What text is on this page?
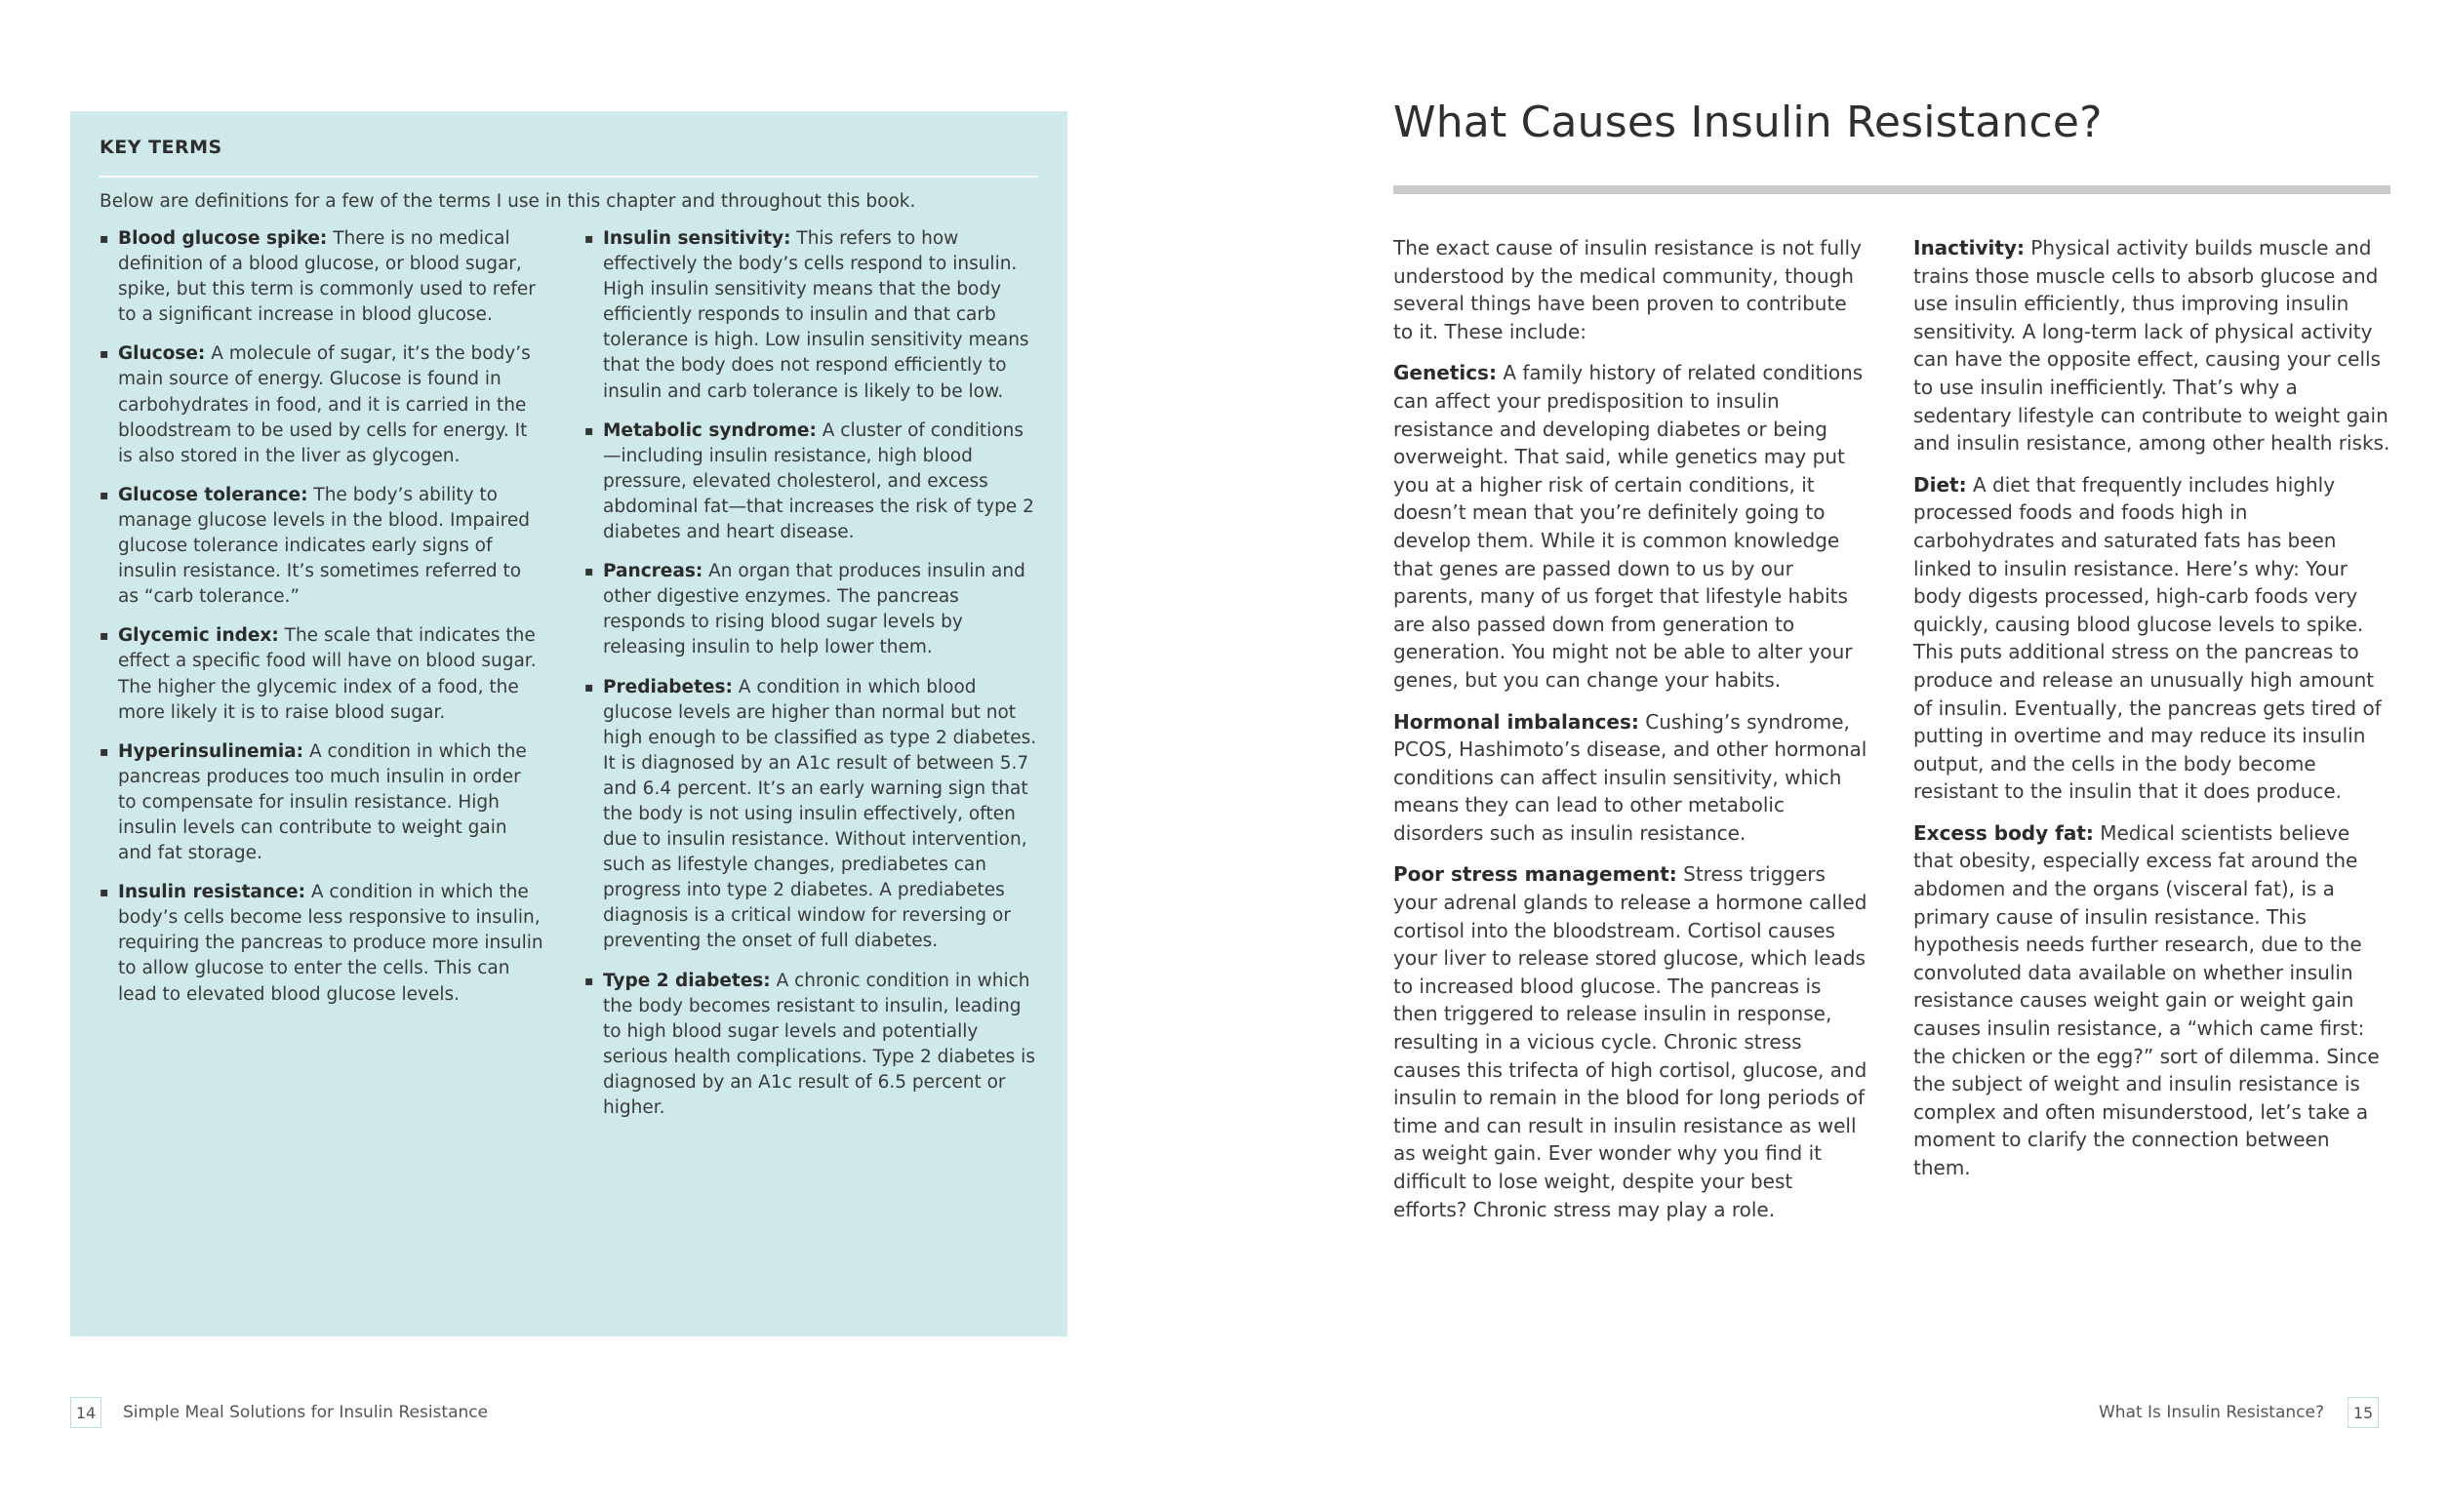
KEY TERMS

Below are definitions for a few of the terms I use in this chapter and throughout this book.

▪ Blood glucose spike: There is no medical definition of a blood glucose, or blood sugar, spike, but this term is commonly used to refer to a significant increase in blood glucose.
▪ Glucose: A molecule of sugar, it’s the body’s main source of energy. Glucose is found in carbohydrates in food, and it is carried in the bloodstream to be used by cells for energy. It is also stored in the liver as glycogen.
▪ Glucose tolerance: The body’s ability to manage glucose levels in the blood. Impaired glucose tolerance indicates early signs of insulin resistance. It’s sometimes referred to as “carb tolerance.”
▪ Glycemic index: The scale that indicates the effect a specific food will have on blood sugar. The higher the glycemic index of a food, the more likely it is to raise blood sugar.
▪ Hyperinsulinemia: A condition in which the pancreas produces too much insulin in order to compensate for insulin resistance. High insulin levels can contribute to weight gain and fat storage.
▪ Insulin resistance: A condition in which the body’s cells become less responsive to insulin, requiring the pancreas to produce more insulin to allow glucose to enter the cells. This can lead to elevated blood glucose levels.
▪ Insulin sensitivity: This refers to how effectively the body’s cells respond to insulin. High insulin sensitivity means that the body efficiently responds to insulin and that carb tolerance is high. Low insulin sensitivity means that the body does not respond efficiently to insulin and carb tolerance is likely to be low.
▪ Metabolic syndrome: A cluster of conditions—including insulin resistance, high blood pressure, elevated cholesterol, and excess abdominal fat—that increases the risk of type 2 diabetes and heart disease.
▪ Pancreas: An organ that produces insulin and other digestive enzymes. The pancreas responds to rising blood sugar levels by releasing insulin to help lower them.
▪ Prediabetes: A condition in which blood glucose levels are higher than normal but not high enough to be classified as type 2 diabetes. It is diagnosed by an A1c result of between 5.7 and 6.4 percent. It’s an early warning sign that the body is not using insulin effectively, often due to insulin resistance. Without intervention, such as lifestyle changes, prediabetes can progress into type 2 diabetes. A prediabetes diagnosis is a critical window for reversing or preventing the onset of full diabetes.
▪ Type 2 diabetes: A chronic condition in which the body becomes resistant to insulin, leading to high blood sugar levels and potentially serious health complications. Type 2 diabetes is diagnosed by an A1c result of 6.5 percent or higher.
14	Simple Meal Solutions for Insulin Resistance
What Causes Insulin Resistance?

The exact cause of insulin resistance is not fully understood by the medical community, though several things have been proven to contribute to it. These include:

Genetics: A family history of related conditions can affect your predisposition to insulin resistance and developing diabetes or being overweight. That said, while genetics may put you at a higher risk of certain conditions, it doesn’t mean that you’re definitely going to develop them. While it is common knowledge that genes are passed down to us by our parents, many of us forget that lifestyle habits are also passed down from generation to generation. You might not be able to alter your genes, but you can change your habits.

Hormonal imbalances: Cushing’s syndrome, PCOS, Hashimoto’s disease, and other hormonal conditions can affect insulin sensitivity, which means they can lead to other metabolic disorders such as insulin resistance.

Poor stress management: Stress triggers your adrenal glands to release a hormone called cortisol into the bloodstream. Cortisol causes your liver to release stored glucose, which leads to increased blood glucose. The pancreas is then triggered to release insulin in response, resulting in a vicious cycle. Chronic stress causes this trifecta of high cortisol, glucose, and insulin to remain in the blood for long periods of time and can result in insulin resistance as well as weight gain. Ever wonder why you find it difficult to lose weight, despite your best efforts? Chronic stress may play a role.

Inactivity: Physical activity builds muscle and trains those muscle cells to absorb glucose and use insulin efficiently, thus improving insulin sensitivity. A long-term lack of physical activity can have the opposite effect, causing your cells to use insulin inefficiently. That’s why a sedentary lifestyle can contribute to weight gain and insulin resistance, among other health risks.

Diet: A diet that frequently includes highly processed foods and foods high in carbohydrates and saturated fats has been linked to insulin resistance. Here’s why: Your body digests processed, high-carb foods very quickly, causing blood glucose levels to spike. This puts additional stress on the pancreas to produce and release an unusually high amount of insulin. Eventually, the pancreas gets tired of putting in overtime and may reduce its insulin output, and the cells in the body become resistant to the insulin that it does produce.

Excess body fat: Medical scientists believe that obesity, especially excess fat around the abdomen and the organs (visceral fat), is a primary cause of insulin resistance. This hypothesis needs further research, due to the convoluted data available on whether insulin resistance causes weight gain or weight gain causes insulin resistance, a “which came first: the chicken or the egg?” sort of dilemma. Since the subject of weight and insulin resistance is complex and often misunderstood, let’s take a moment to clarify the connection between them.

What Is Insulin Resistance?	15
